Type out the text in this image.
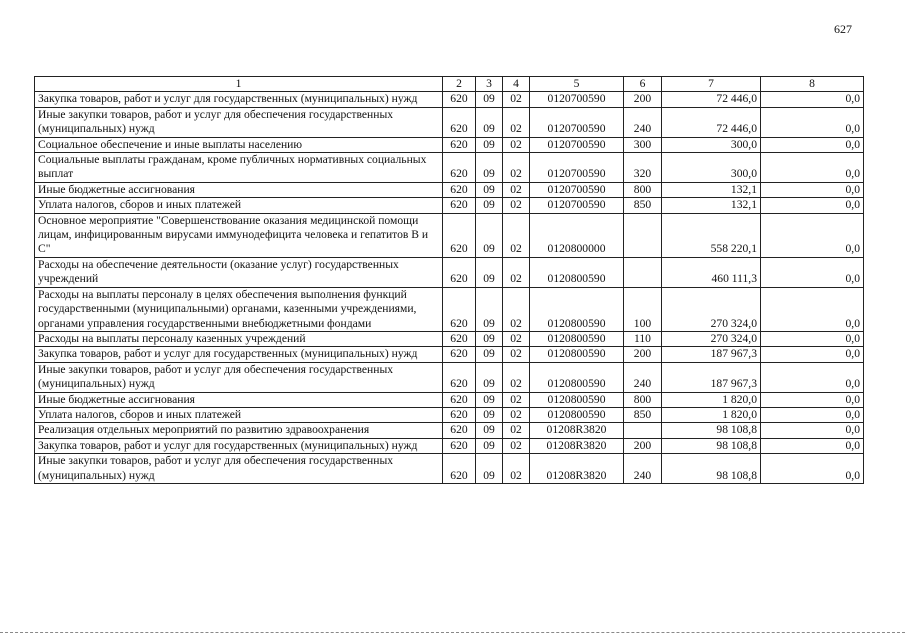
627
1	2	3	4	5	6	7	8
Закупка товаров, работ и услуг для государственных (муниципальных) нужд	620	09	02	0120700590	200	72 446,0	0,0
Иные закупки товаров, работ и услуг для обеспечения государственных (муниципальных) нужд	620	09	02	0120700590	240	72 446,0	0,0
Социальное обеспечение и иные выплаты населению	620	09	02	0120700590	300	300,0	0,0
Социальные выплаты гражданам, кроме публичных нормативных социальных выплат	620	09	02	0120700590	320	300,0	0,0
Иные бюджетные ассигнования	620	09	02	0120700590	800	132,1	0,0
Уплата налогов, сборов и иных платежей	620	09	02	0120700590	850	132,1	0,0
Основное мероприятие "Совершенствование оказания медицинской помощи лицам, инфицированным вирусами иммунодефицита человека и гепатитов В и С"	620	09	02	0120800000		558 220,1	0,0
Расходы на обеспечение деятельности (оказание услуг) государственных учреждений	620	09	02	0120800590		460 111,3	0,0
Расходы на выплаты персоналу в целях обеспечения выполнения функций государственными (муниципальными) органами, казенными учреждениями, органами управления государственными внебюджетными фондами	620	09	02	0120800590	100	270 324,0	0,0
Расходы на выплаты персоналу казенных учреждений	620	09	02	0120800590	110	270 324,0	0,0
Закупка товаров, работ и услуг для государственных (муниципальных) нужд	620	09	02	0120800590	200	187 967,3	0,0
Иные закупки товаров, работ и услуг для обеспечения государственных (муниципальных) нужд	620	09	02	0120800590	240	187 967,3	0,0
Иные бюджетные ассигнования	620	09	02	0120800590	800	1 820,0	0,0
Уплата налогов, сборов и иных платежей	620	09	02	0120800590	850	1 820,0	0,0
Реализация отдельных мероприятий по развитию здравоохранения	620	09	02	01208R3820		98 108,8	0,0
Закупка товаров, работ и услуг для государственных (муниципальных) нужд	620	09	02	01208R3820	200	98 108,8	0,0
Иные закупки товаров, работ и услуг для обеспечения государственных (муниципальных) нужд	620	09	02	01208R3820	240	98 108,8	0,0
